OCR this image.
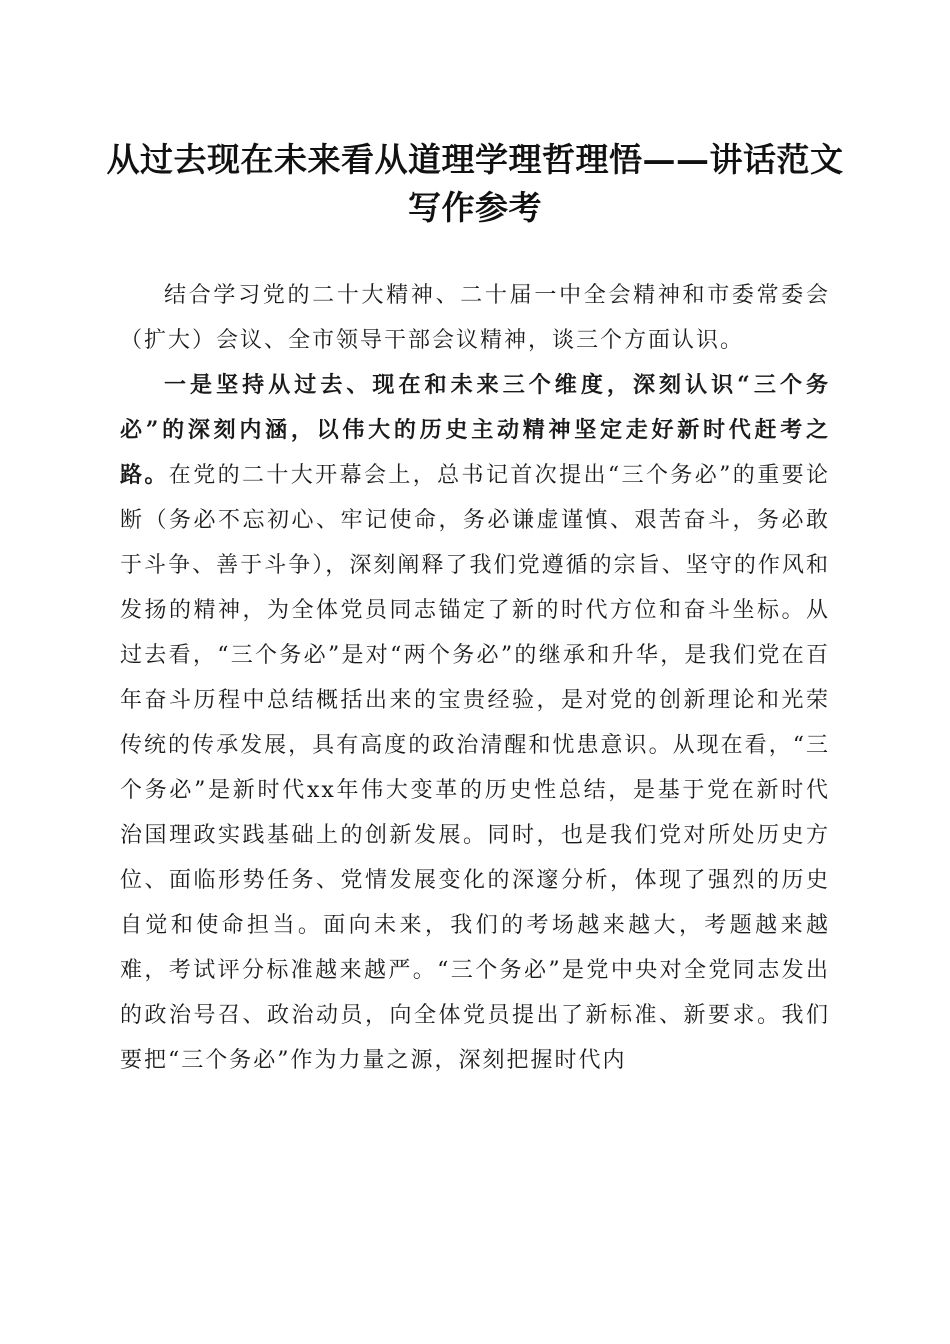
从过去现在未来看从道理学理哲理悟——讲话范文写作参考

结合学习党的二十大精神、二十届一中全会精神和市委常委会（扩大）会议、全市领导干部会议精神，谈三个方面认识。

一是坚持从过去、现在和未来三个维度，深刻认识“三个务必”的深刻内涵，以伟大的历史主动精神坚定走好新时代赶考之路。在党的二十大开幕会上，总书记首次提出“三个务必”的重要论断（务必不忘初心、牢记使命，务必谦虚谨慎、艰苦奋斗，务必敢于斗争、善于斗争），深刻阐释了我们党遵循的宗旨、坚守的作风和发扬的精神，为全体党员同志锚定了新的时代方位和奋斗坐标。从过去看，“三个务必”是对“两个务必”的继承和升华，是我们党在百年奋斗历程中总结概括出来的宝贵经验，是对党的创新理论和光荣传统的传承发展，具有高度的政治清醒和忧患意识。从现在看，“三个务必”是新时代xx年伟大变革的历史性总结，是基于党在新时代治国理政实践基础上的创新发展。同时，也是我们党对所处历史方位、面临形势任务、党情发展变化的深邃分析，体现了强烈的历史自觉和使命担当。面向未来，我们的考场越来越大，考题越来越难，考试评分标准越来越严。“三个务必”是党中央对全党同志发出的政治号召、政治动员，向全体党员提出了新标准、新要求。我们要把“三个务必”作为力量之源，深刻把握时代内
